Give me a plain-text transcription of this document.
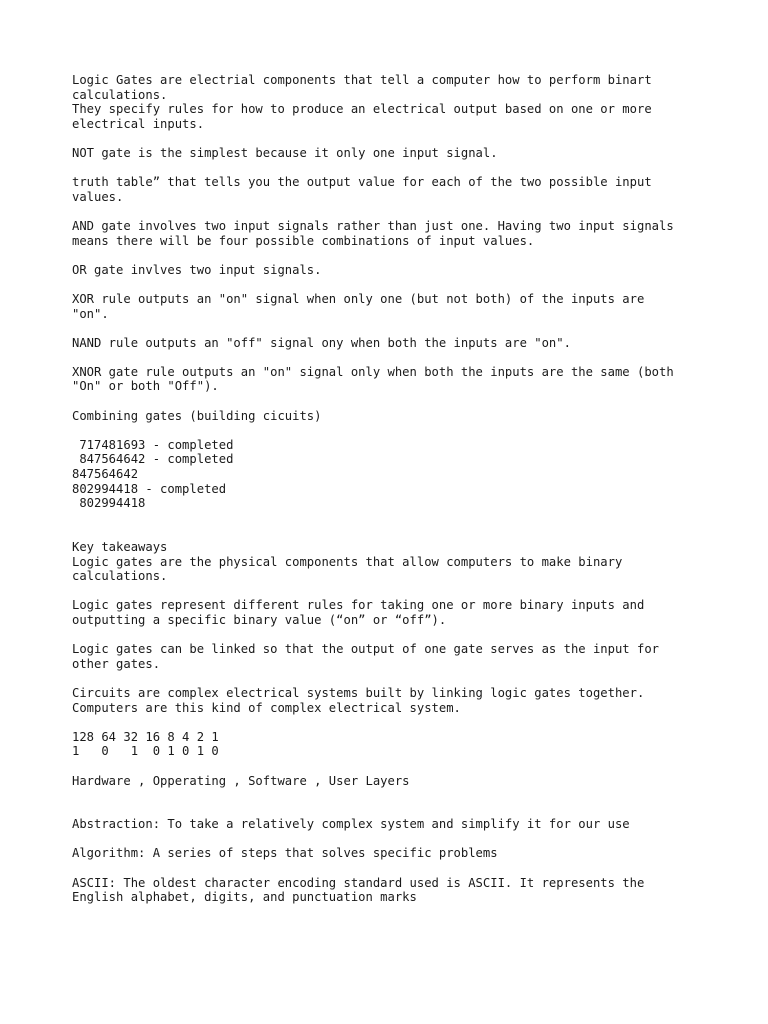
Logic Gates are electrial components that tell a computer how to perform binart
calculations.
They specify rules for how to produce an electrical output based on one or more
electrical inputs.
NOT gate is the simplest because it only one input signal.
truth table” that tells you the output value for each of the two possible input
values.
AND gate involves two input signals rather than just one. Having two input signals
means there will be four possible combinations of input values.
OR gate invlves two input signals.
XOR rule outputs an "on" signal when only one (but not both) of the inputs are
"on".
NAND rule outputs an "off" signal ony when both the inputs are "on".
XNOR gate rule outputs an "on" signal only when both the inputs are the same (both
"On" or both "Off").
Combining gates (building cicuits)
717481693 - completed
847564642 - completed
847564642
802994418 - completed
802994418
Key takeaways
Logic gates are the physical components that allow computers to make binary
calculations.
Logic gates represent different rules for taking one or more binary inputs and
outputting a specific binary value (“on” or “off”).
Logic gates can be linked so that the output of one gate serves as the input for
other gates.
Circuits are complex electrical systems built by linking logic gates together.
Computers are this kind of complex electrical system.
128 64 32 16 8 4 2 1
1   0   1  0 1 0 1 0
Hardware , Opperating , Software , User Layers
Abstraction: To take a relatively complex system and simplify it for our use
Algorithm: A series of steps that solves specific problems
ASCII: The oldest character encoding standard used is ASCII. It represents the
English alphabet, digits, and punctuation marks
